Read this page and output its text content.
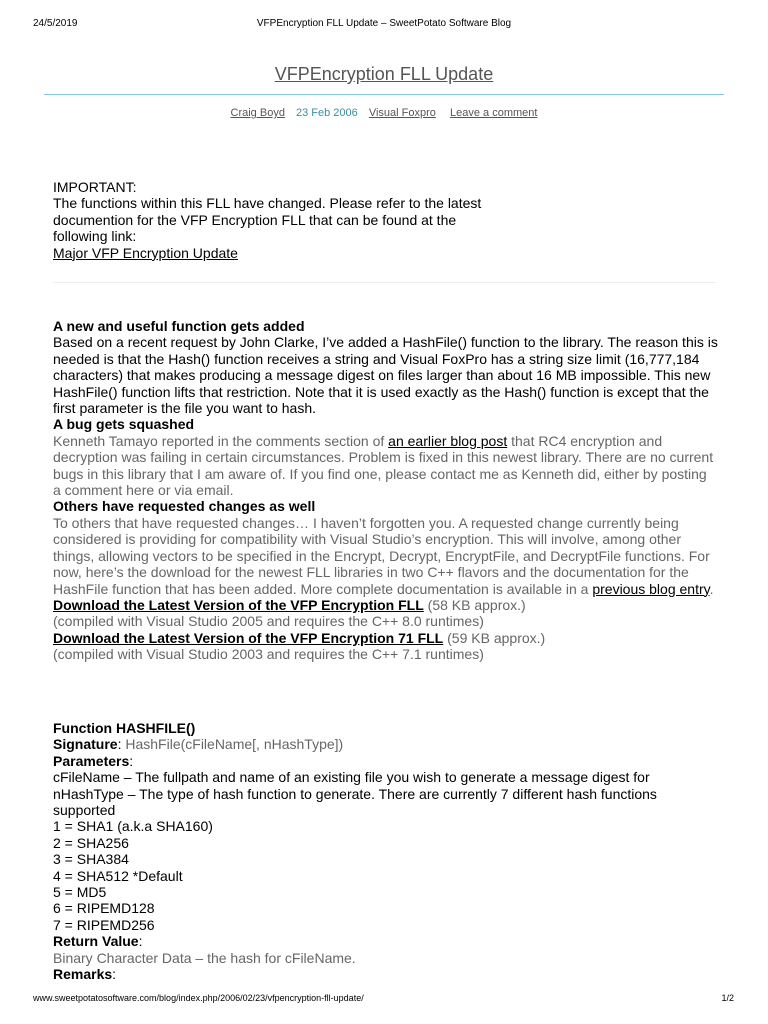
24/5/2019	VFPEncryption FLL Update – SweetPotato Software Blog
VFPEncryption FLL Update
Craig Boyd 23 Feb 2006 Visual Foxpro Leave a comment
IMPORTANT:
The functions within this FLL have changed. Please refer to the latest documention for the VFP Encryption FLL that can be found at the following link:
Major VFP Encryption Update
A new and useful function gets added
Based on a recent request by John Clarke, I’ve added a HashFile() function to the library. The reason this is needed is that the Hash() function receives a string and Visual FoxPro has a string size limit (16,777,184 characters) that makes producing a message digest on files larger than about 16 MB impossible. This new HashFile() function lifts that restriction. Note that it is used exactly as the Hash() function is except that the first parameter is the file you want to hash.
A bug gets squashed
Kenneth Tamayo reported in the comments section of an earlier blog post that RC4 encryption and decryption was failing in certain circumstances. Problem is fixed in this newest library. There are no current bugs in this library that I am aware of. If you find one, please contact me as Kenneth did, either by posting a comment here or via email.
Others have requested changes as well
To others that have requested changes… I haven’t forgotten you. A requested change currently being considered is providing for compatibility with Visual Studio’s encryption. This will involve, among other things, allowing vectors to be specified in the Encrypt, Decrypt, EncryptFile, and DecryptFile functions. For now, here’s the download for the newest FLL libraries in two C++ flavors and the documentation for the HashFile function that has been added. More complete documentation is available in a previous blog entry.
Download the Latest Version of the VFP Encryption FLL (58 KB approx.)
(compiled with Visual Studio 2005 and requires the C++ 8.0 runtimes)
Download the Latest Version of the VFP Encryption 71 FLL (59 KB approx.)
(compiled with Visual Studio 2003 and requires the C++ 7.1 runtimes)
Function HASHFILE()
Signature: HashFile(cFileName[, nHashType])
Parameters:
cFileName – The fullpath and name of an existing file you wish to generate a message digest for
nHashType – The type of hash function to generate. There are currently 7 different hash functions supported
1 = SHA1 (a.k.a SHA160)
2 = SHA256
3 = SHA384
4 = SHA512 *Default
5 = MD5
6 = RIPEMD128
7 = RIPEMD256
Return Value:
Binary Character Data – the hash for cFileName.
Remarks:
www.sweetpotatosoftware.com/blog/index.php/2006/02/23/vfpencryption-fll-update/	1/2
